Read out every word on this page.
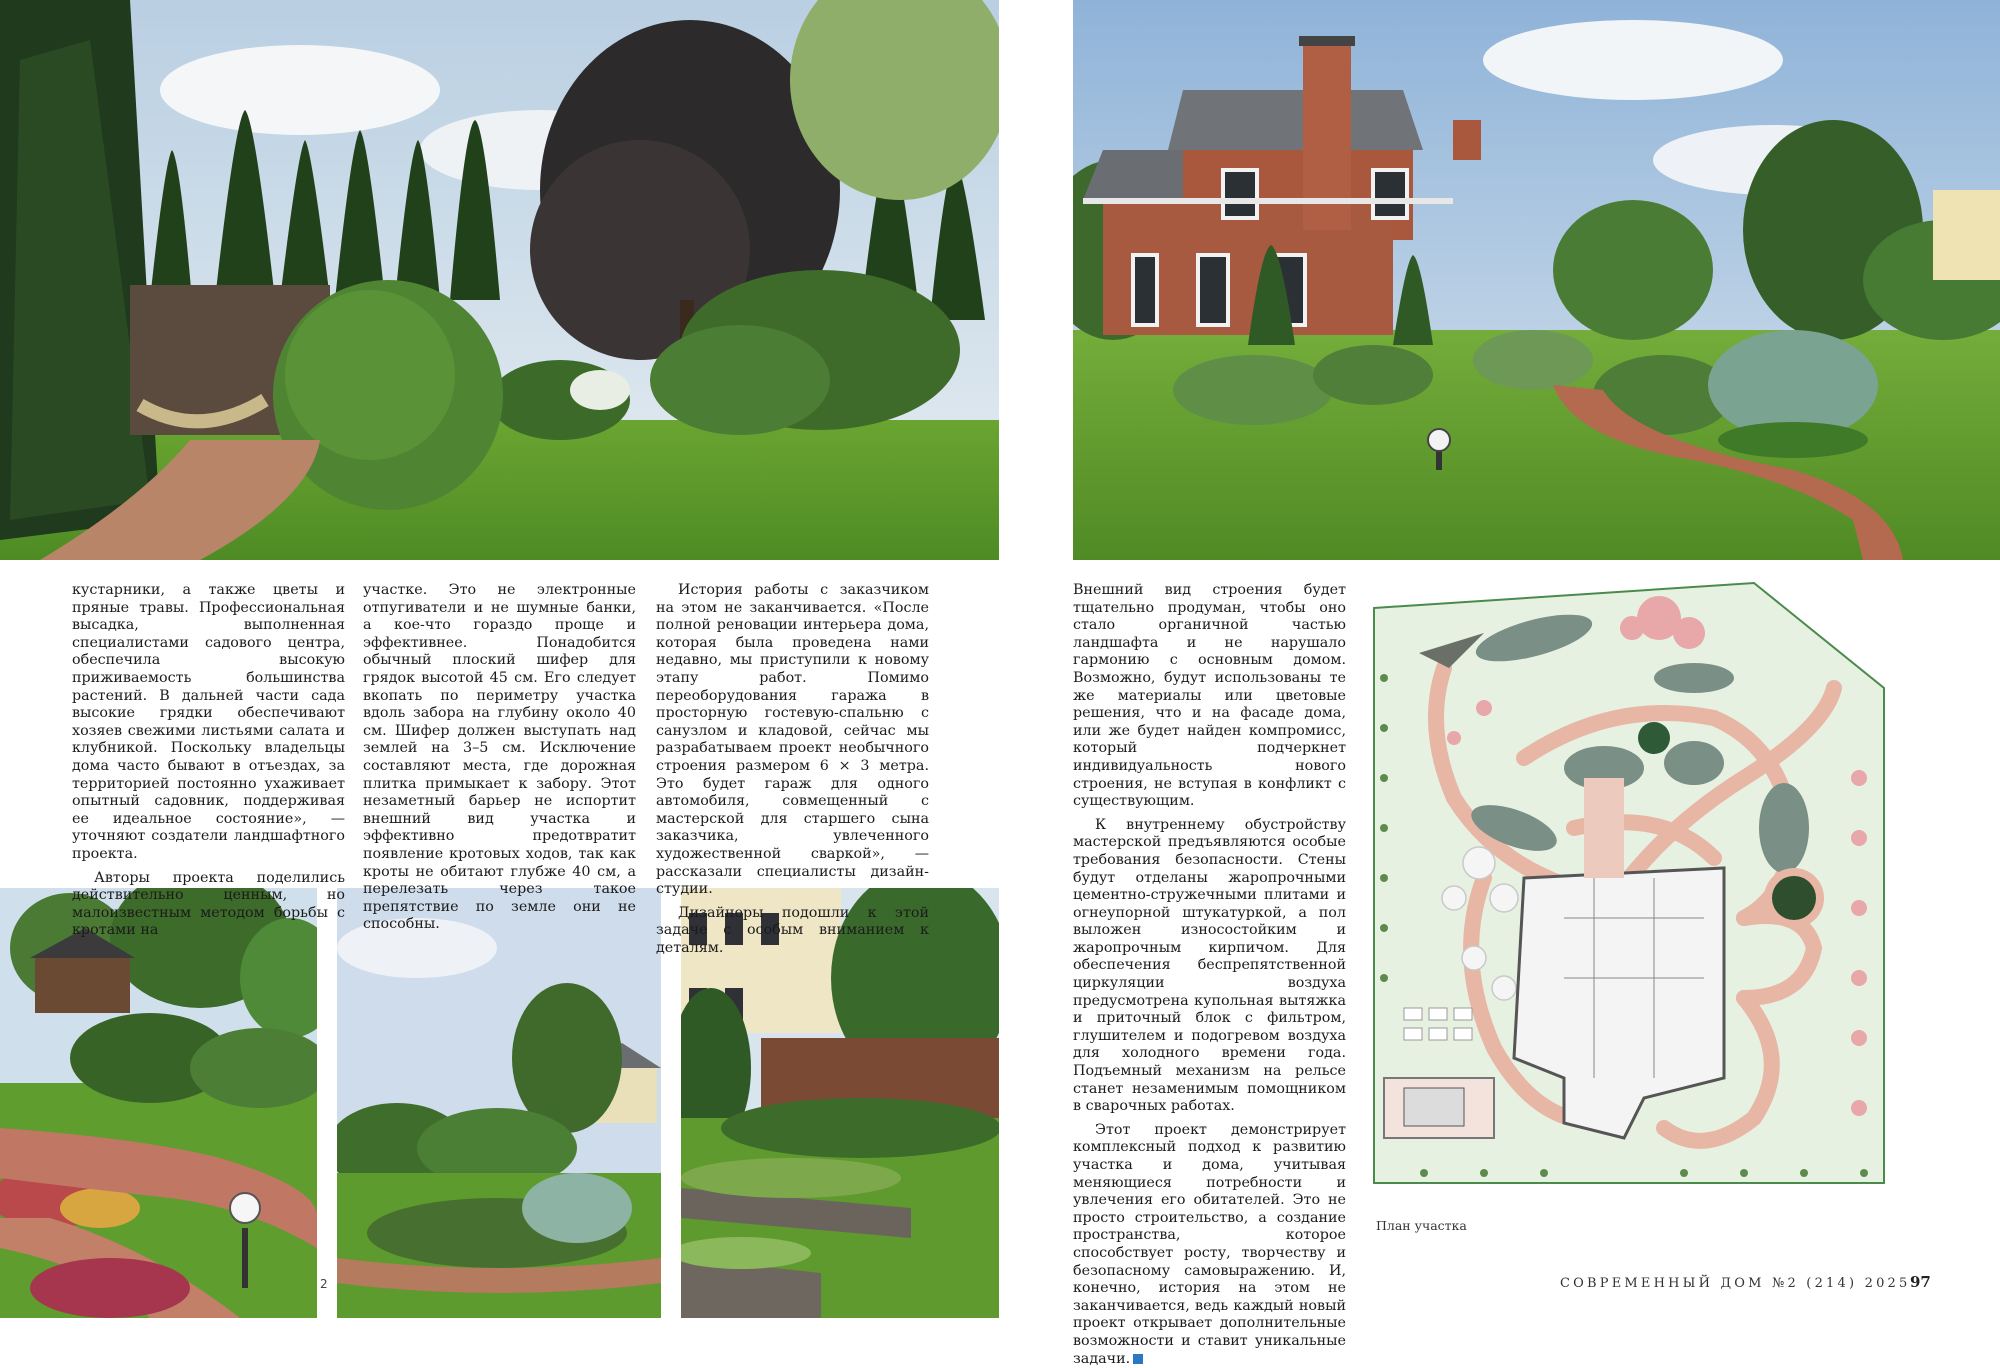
2
План участка

кустарники, а также цветы и пряные травы. Профессиональная высадка, выполненная специалистами садового центра, обеспечила высокую приживаемость большинства растений. В дальней части сада высокие грядки обеспечивают хозяев свежими листьями салата и клубникой. Поскольку владельцы дома часто бывают в отъездах, за территорией постоянно ухаживает опытный садовник, поддерживая ее идеальное состояние», — уточняют создатели ландшафтного проекта.

Авторы проекта поделились действительно ценным, но малоизвестным методом борьбы с кротами на

участке. Это не электронные отпугиватели и не шумные банки, а кое-что гораздо проще и эффективнее. Понадобится обычный плоский шифер для грядок высотой 45 см. Его следует вкопать по периметру участка вдоль забора на глубину около 40 см. Шифер должен выступать над землей на 3–5 см. Исключение составляют места, где дорожная плитка примыкает к забору. Этот незаметный барьер не испортит внешний вид участка и эффективно предотвратит появление кротовых ходов, так как кроты не обитают глубже 40 см, а перелезать через такое препятствие по земле они не способны.

История работы с заказчиком на этом не заканчивается. «После полной реновации интерьера дома, которая была проведена нами недавно, мы приступили к новому этапу работ. Помимо переоборудования гаража в просторную гостевую-спальню с санузлом и кладовой, сейчас мы разрабатываем проект необычного строения размером 6 × 3 метра. Это будет гараж для одного автомобиля, совмещенный с мастерской для старшего сына заказчика, увлеченного художественной сваркой», — рассказали специалисты дизайн-студии.

Дизайнеры подошли к этой задаче с особым вниманием к деталям.

Внешний вид строения будет тщательно продуман, чтобы оно стало органичной частью ландшафта и не нарушало гармонию с основным домом. Возможно, будут использованы те же материалы или цветовые решения, что и на фасаде дома, или же будет найден компромисс, который подчеркнет индивидуальность нового строения, не вступая в конфликт с существующим.

К внутреннему обустройству мастерской предъявляются особые требования безопасности. Стены будут отделаны жаропрочными цементно-стружечными плитами и огнеупорной штукатуркой, а пол выложен износостойким и жаропрочным кирпичом. Для обеспечения беспрепятственной циркуляции воздуха предусмотрена купольная вытяжка и приточный блок с фильтром, глушителем и подогревом воздуха для холодного времени года. Подъемный механизм на рельсе станет незаменимым помощником в сварочных работах.

Этот проект демонстрирует комплексный подход к развитию участка и дома, учитывая меняющиеся потребности и увлечения его обитателей. Это не просто строительство, а создание пространства, которое способствует росту, творчеству и безопасному самовыражению. И, конечно, история на этом не заканчивается, ведь каждый новый проект открывает дополнительные возможности и ставит уникальные задачи.	D

СОВРЕМЕННЫЙ ДОМ №2 (214) 2025 97
